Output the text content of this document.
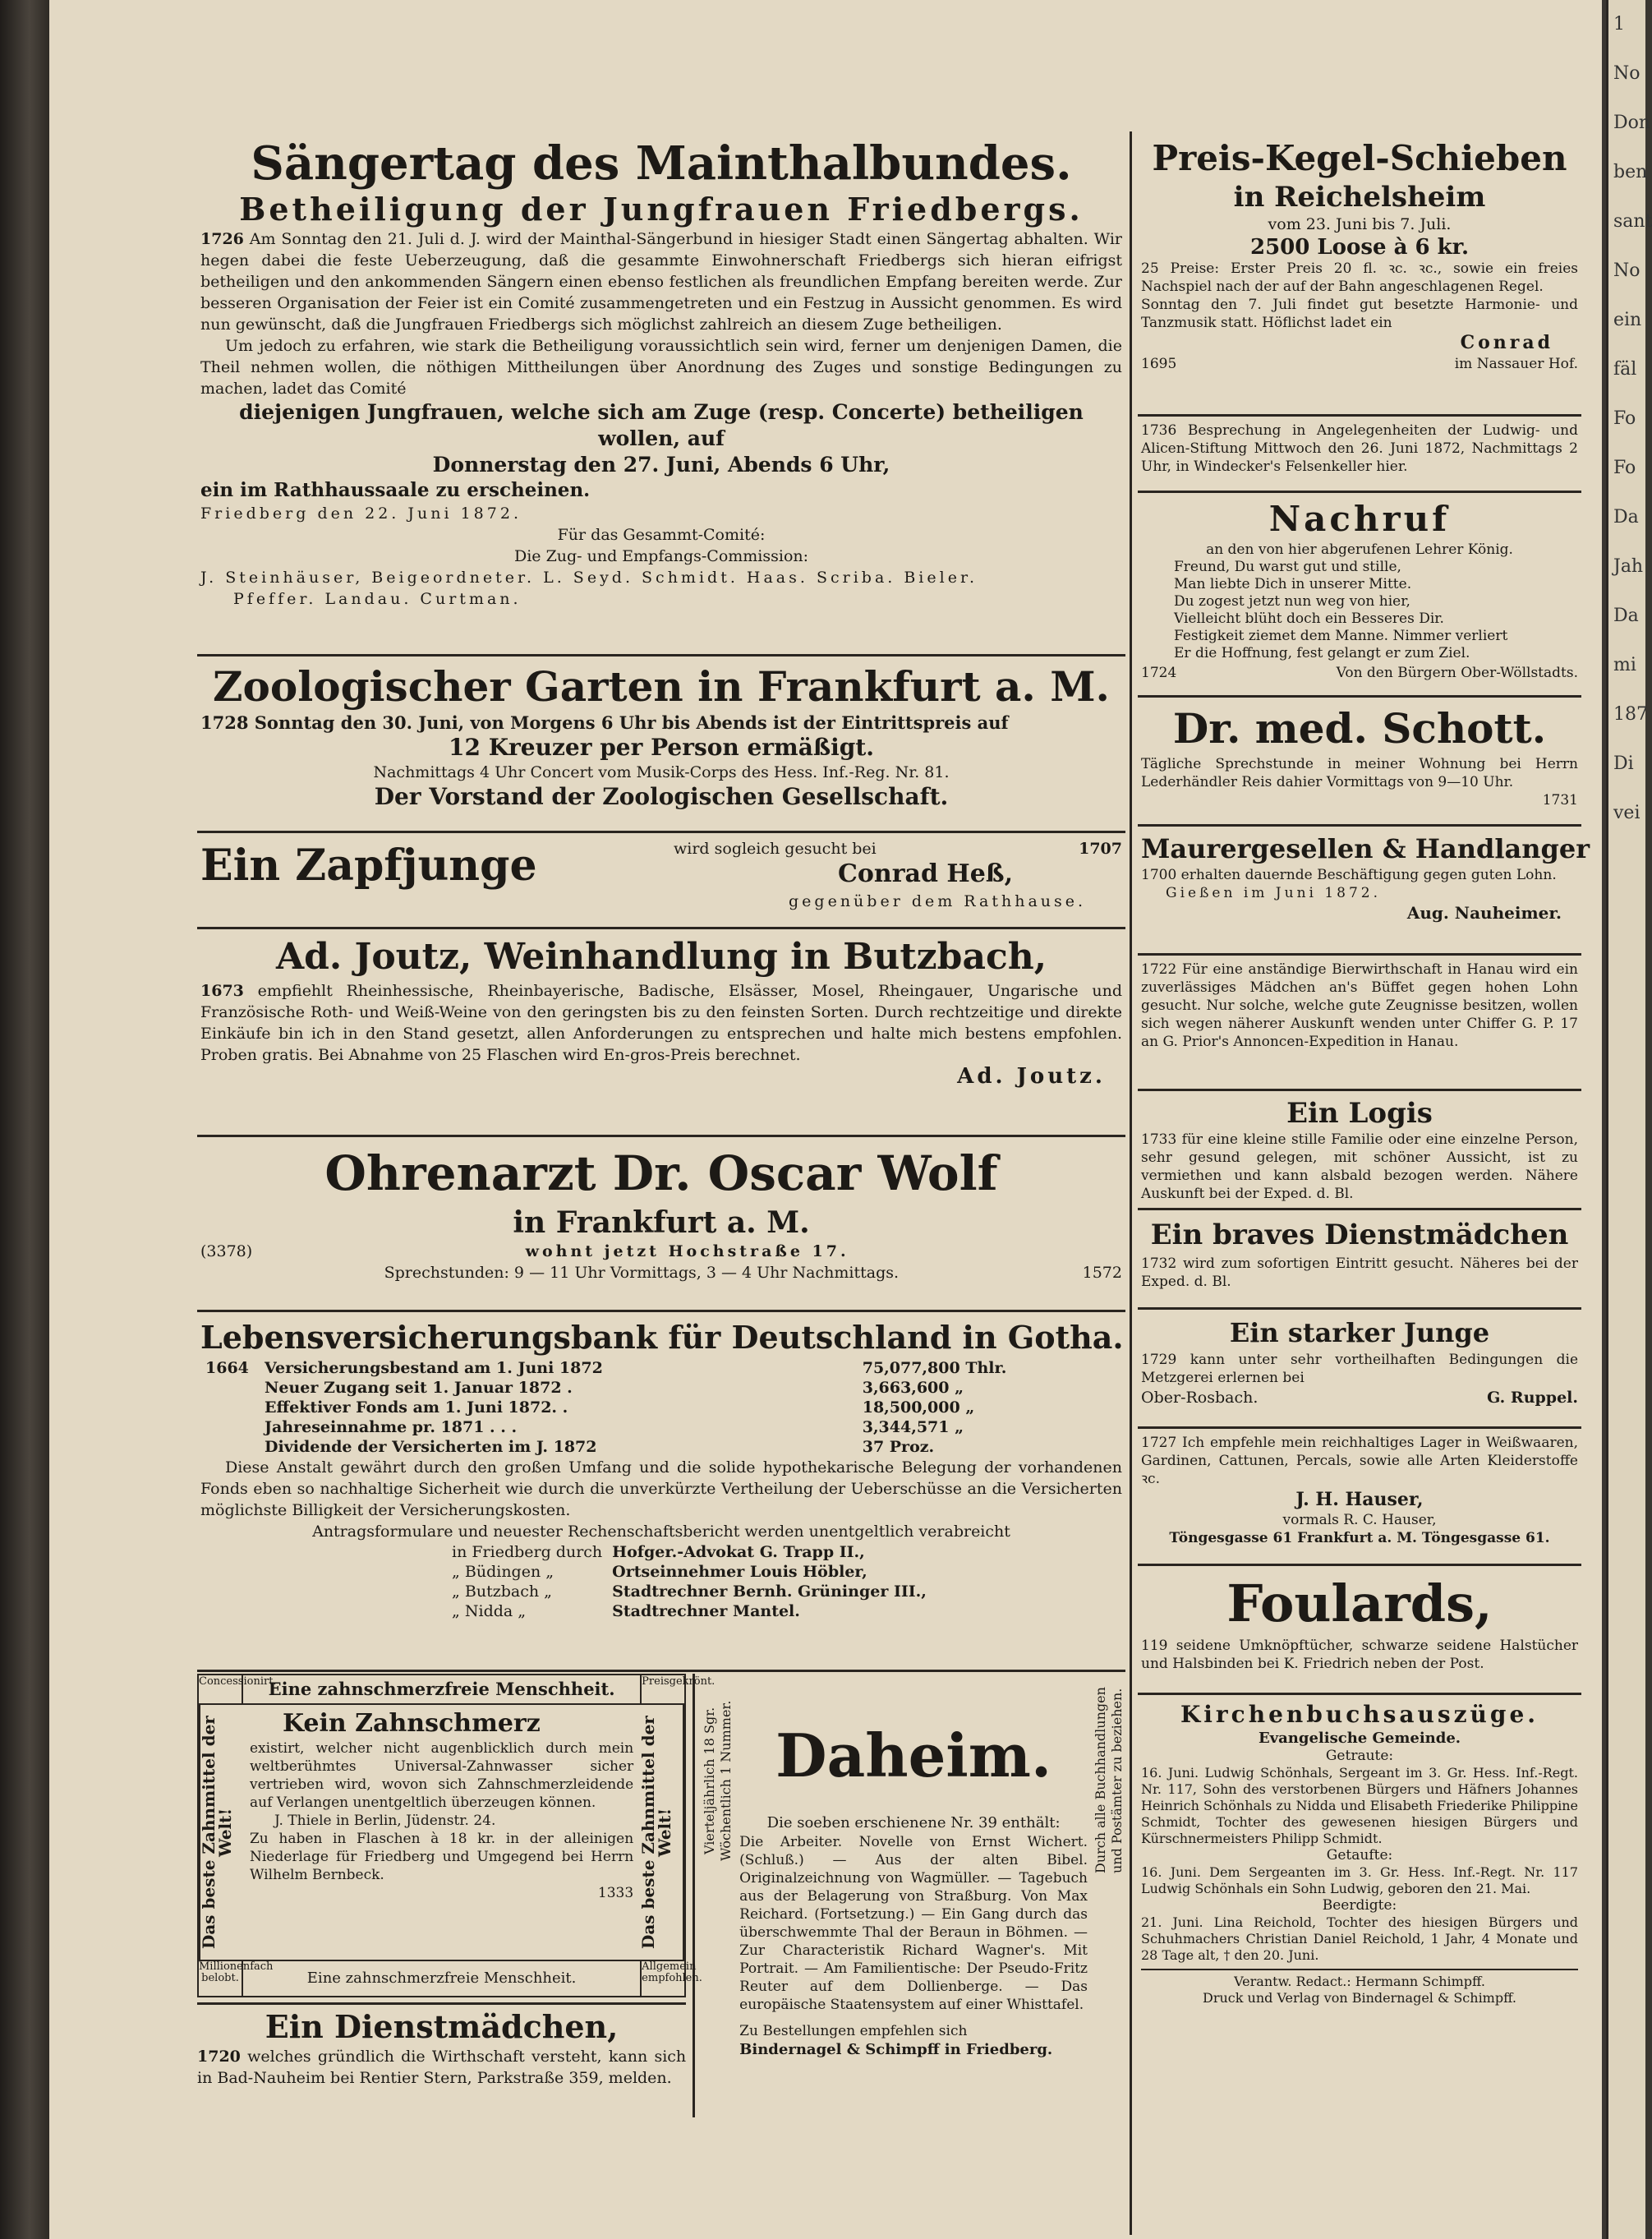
1
No
Don
ben
sant
No
ein
fäl
Fo
Fo
Da
Jah
Da
mi
187
Di
vei
Sängertag des Mainthalbundes.
Betheiligung der Jungfrauen Friedbergs.

1726 Am Sonntag den 21. Juli d. J. wird der Mainthal-Sängerbund in hiesiger Stadt einen Sängertag abhalten. Wir hegen dabei die feste Ueberzeugung, daß die gesammte Einwohnerschaft Friedbergs sich hieran eifrigst betheiligen und den ankommenden Sängern einen ebenso festlichen als freundlichen Empfang bereiten werde. Zur besseren Organisation der Feier ist ein Comité zusammengetreten und ein Festzug in Aussicht genommen. Es wird nun gewünscht, daß die Jungfrauen Friedbergs sich möglichst zahlreich an diesem Zuge betheiligen.

Um jedoch zu erfahren, wie stark die Betheiligung voraussichtlich sein wird, ferner um denjenigen Damen, die Theil nehmen wollen, die nöthigen Mittheilungen über Anordnung des Zuges und sonstige Bedingungen zu machen, ladet das Comité

diejenigen Jungfrauen, welche sich am Zuge (resp. Concerte) betheiligen wollen, auf

Donnerstag den 27. Juni, Abends 6 Uhr,

ein im Rathhaussaale zu erscheinen.

Friedberg den 22. Juni 1872.

Für das Gesammt-Comité:

Die Zug- und Empfangs-Commission:

J. Steinhäuser, Beigeordneter. L. Seyd. Schmidt. Haas. Scriba. Bieler.

Pfeffer. Landau. Curtman.

Zoologischer Garten in Frankfurt a. M.

1728 Sonntag den 30. Juni, von Morgens 6 Uhr bis Abends ist der Eintrittspreis auf

12 Kreuzer per Person ermäßigt.

Nachmittags 4 Uhr Concert vom Musik-Corps des Hess. Inf.-Reg. Nr. 81.

Der Vorstand der Zoologischen Gesellschaft.

Ein Zapfjunge	wird sogleich gesucht bei	1707
Conrad Heß,
gegenüber dem Rathhause.
Ad. Joutz, Weinhandlung in Butzbach,

1673 empfiehlt Rheinhessische, Rheinbayerische, Badische, Elsässer, Mosel, Rheingauer, Ungarische und Französische Roth- und Weiß-Weine von den geringsten bis zu den feinsten Sorten. Durch rechtzeitige und direkte Einkäufe bin ich in den Stand gesetzt, allen Anforderungen zu entsprechen und halte mich bestens empfohlen. Proben gratis. Bei Abnahme von 25 Flaschen wird En-gros-Preis berechnet.

Ad. Joutz.

Ohrenarzt Dr. Oscar Wolf
in Frankfurt a. M.
(3378)	wohnt jetzt Hochstraße 17.
Sprechstunden: 9 — 11 Uhr Vormittags, 3 — 4 Uhr Nachmittags.	1572
Lebensversicherungsbank für Deutschland in Gotha.
1664	Versicherungsbestand am 1. Juni 1872	75,077,800 Thlr.
	Neuer Zugang seit 1. Januar 1872 .	3,663,600 „
	Effektiver Fonds am 1. Juni 1872. .	18,500,000 „
	Jahreseinnahme pr. 1871 . . .	3,344,571 „
	Dividende der Versicherten im J. 1872	37 Proz.

Diese Anstalt gewährt durch den großen Umfang und die solide hypothekarische Belegung der vorhandenen Fonds eben so nachhaltige Sicherheit wie durch die unverkürzte Vertheilung der Ueberschüsse an die Versicherten möglichste Billigkeit der Versicherungskosten.

Antragsformulare und neuester Rechenschaftsbericht werden unentgeltlich verabreicht

in Friedberg durch	Hofger.-Advokat G. Trapp II.,
„ Büdingen „	Ortseinnehmer Louis Höbler,
„ Butzbach „	Stadtrechner Bernh. Grüninger III.,
„ Nidda „	Stadtrechner Mantel.
Concessionirt.
Eine zahnschmerzfreie Menschheit.	Preisgekrönt.
Das beste Zahnmittel der Welt!
Kein Zahnschmerz

existirt, welcher nicht augenblicklich durch mein weltberühmtes Universal-Zahnwasser sicher vertrieben wird, wovon sich Zahnschmerzleidende auf Verlangen unentgeltlich überzeugen können.

J. Thiele in Berlin, Jüdenstr. 24.

Zu haben in Flaschen à 18 kr. in der alleinigen Niederlage für Friedberg und Umgegend bei Herrn Wilhelm Bernbeck.

1333 Das beste Zahnmittel der Welt!
Millionenfach belobt.	Eine zahnschmerzfreie Menschheit.
Allgemein empfohlen.
Ein Dienstmädchen,

1720 welches gründlich die Wirthschaft versteht, kann sich in Bad-Nauheim bei Rentier Stern, Parkstraße 359, melden.

Vierteljährlich 18 Sgr. Wöchentlich 1 Nummer. Daheim.

Die soeben erschienene Nr. 39 enthält:

Die Arbeiter. Novelle von Ernst Wichert. (Schluß.) — Aus der alten Bibel. Originalzeichnung von Wagmüller. — Tagebuch aus der Belagerung von Straßburg. Von Max Reichard. (Fortsetzung.) — Ein Gang durch das überschwemmte Thal der Beraun in Böhmen. — Zur Characteristik Richard Wagner's. Mit Portrait. — Am Familientische: Der Pseudo-Fritz Reuter auf dem Dollienberge. — Das europäische Staatensystem auf einer Whisttafel.

Zu Bestellungen empfehlen sich

Bindernagel & Schimpff in Friedberg.

Durch alle Buchhandlungen und Postämter zu beziehen.
Preis-Kegel-Schieben
in Reichelsheim

vom 23. Juni bis 7. Juli.

2500 Loose à 6 kr.

25 Preise: Erster Preis 20 fl. ꝛc. ꝛc., sowie ein freies Nachspiel nach der auf der Bahn angeschlagenen Regel.

Sonntag den 7. Juli findet gut besetzte Harmonie- und Tanzmusik statt. Höflichst ladet ein

Conrad

1695	im Nassauer Hof.

1736 Besprechung in Angelegenheiten der Ludwig- und Alicen-Stiftung Mittwoch den 26. Juni 1872, Nachmittags 2 Uhr, in Windecker's Felsenkeller hier.

Nachruf

an den von hier abgerufenen Lehrer König.

Freund, Du warst gut und stille,
Man liebte Dich in unserer Mitte.
Du zogest jetzt nun weg von hier,
Vielleicht blüht doch ein Besseres Dir.
Festigkeit ziemet dem Manne. Nimmer verliert
Er die Hoffnung, fest gelangt er zum Ziel.
1724	Von den Bürgern Ober-Wöllstadts.
Dr. med. Schott.

Tägliche Sprechstunde in meiner Wohnung bei Herrn Lederhändler Reis dahier Vormittags von 9—10 Uhr.

1731

Maurergesellen & Handlanger

1700 erhalten dauernde Beschäftigung gegen guten Lohn.

Gießen im Juni 1872.

Aug. Nauheimer.

1722 Für eine anständige Bierwirthschaft in Hanau wird ein zuverlässiges Mädchen an's Büffet gegen hohen Lohn gesucht. Nur solche, welche gute Zeugnisse besitzen, wollen sich wegen näherer Auskunft wenden unter Chiffer G. P. 17 an G. Prior's Annoncen-Expedition in Hanau.

Ein Logis

1733 für eine kleine stille Familie oder eine einzelne Person, sehr gesund gelegen, mit schöner Aussicht, ist zu vermiethen und kann alsbald bezogen werden. Nähere Auskunft bei der Exped. d. Bl.

Ein braves Dienstmädchen

1732 wird zum sofortigen Eintritt gesucht. Näheres bei der Exped. d. Bl.

Ein starker Junge

1729 kann unter sehr vortheilhaften Bedingungen die Metzgerei erlernen bei

Ober-Rosbach.	G. Ruppel.

1727 Ich empfehle mein reichhaltiges Lager in Weißwaaren, Gardinen, Cattunen, Percals, sowie alle Arten Kleiderstoffe ꝛc.

J. H. Hauser,

vormals R. C. Hauser,

Töngesgasse 61 Frankfurt a. M. Töngesgasse 61.

Foulards,

119 seidene Umknöpftücher, schwarze seidene Halstücher und Halsbinden bei K. Friedrich neben der Post.

Kirchenbuchsauszüge.

Evangelische Gemeinde.

Getraute:

16. Juni. Ludwig Schönhals, Sergeant im 3. Gr. Hess. Inf.-Regt. Nr. 117, Sohn des verstorbenen Bürgers und Häfners Johannes Heinrich Schönhals zu Nidda und Elisabeth Friederike Philippine Schmidt, Tochter des gewesenen hiesigen Bürgers und Kürschnermeisters Philipp Schmidt.

Getaufte:

16. Juni. Dem Sergeanten im 3. Gr. Hess. Inf.-Regt. Nr. 117 Ludwig Schönhals ein Sohn Ludwig, geboren den 21. Mai.

Beerdigte:

21. Juni. Lina Reichold, Tochter des hiesigen Bürgers und Schuhmachers Christian Daniel Reichold, 1 Jahr, 4 Monate und 28 Tage alt, † den 20. Juni.

Verantw. Redact.: Hermann Schimpff.

Druck und Verlag von Bindernagel & Schimpff.
